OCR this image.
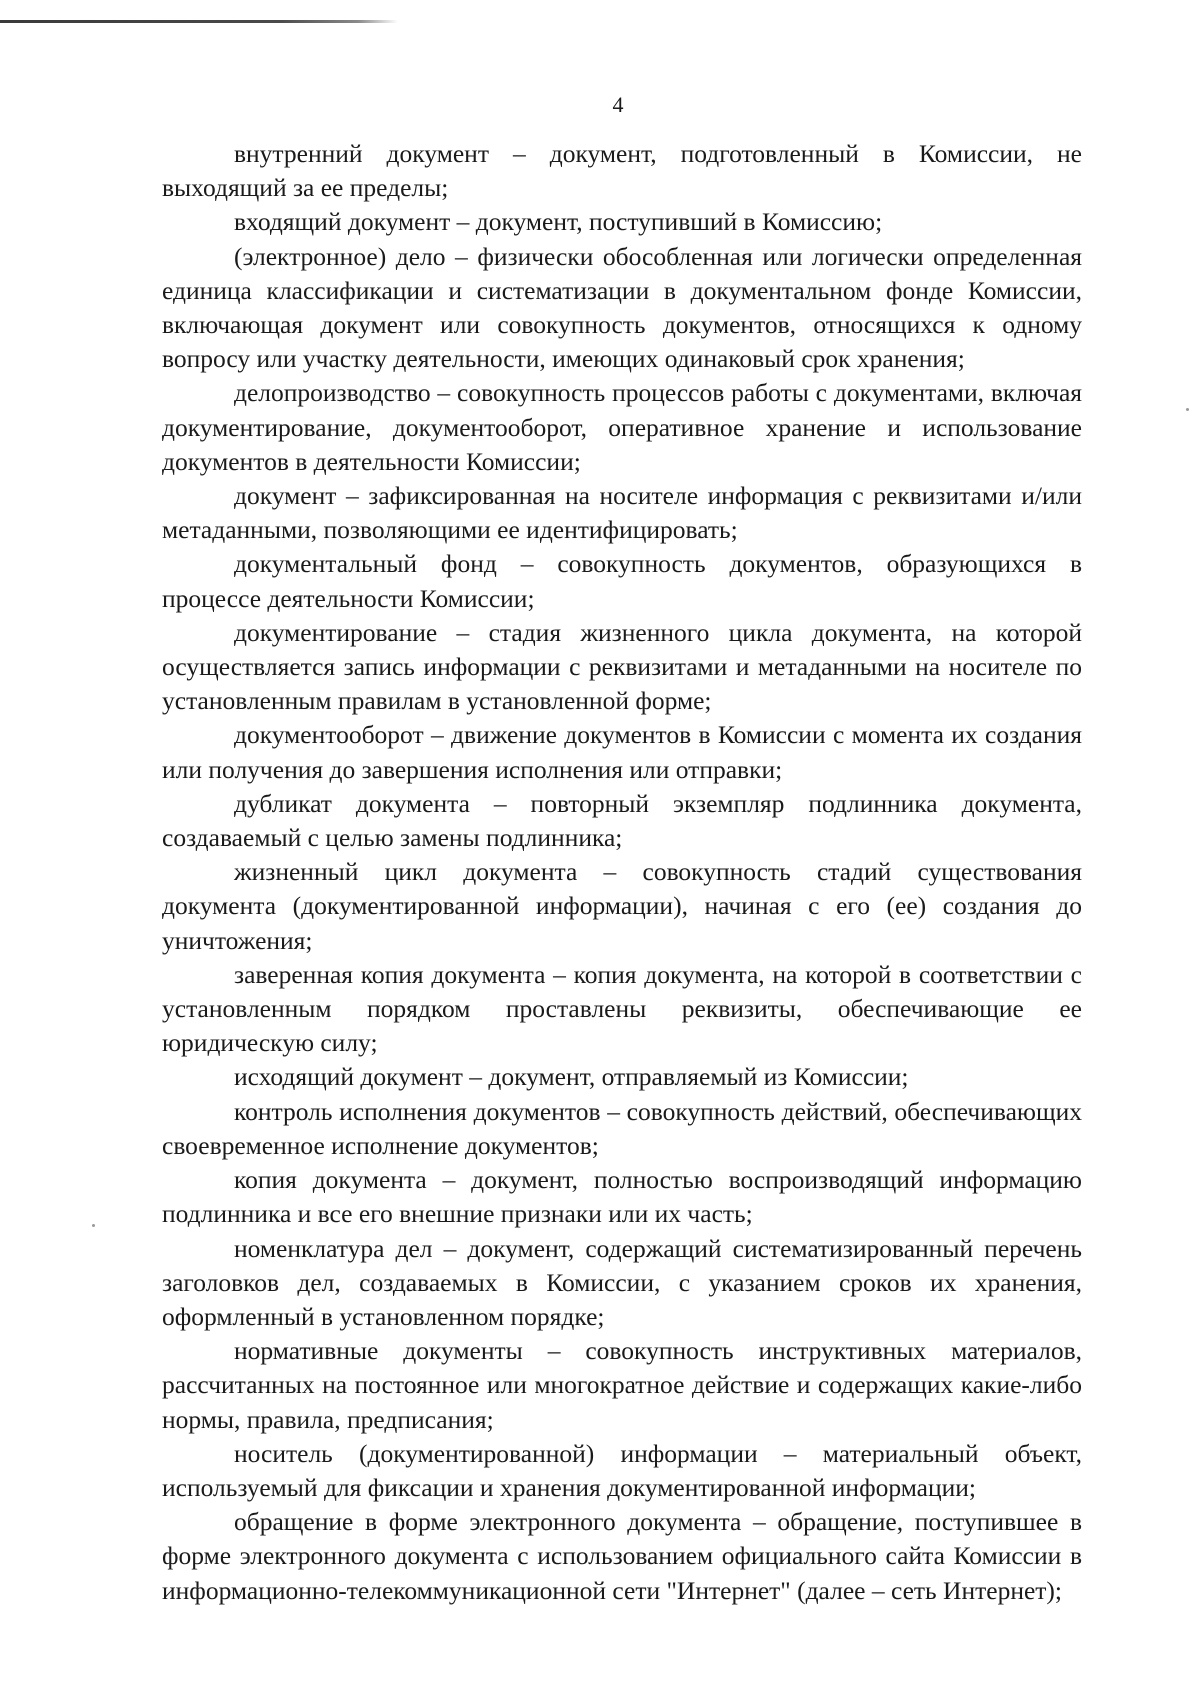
4

внутренний документ – документ, подготовленный в Комиссии, не выходящий за ее пределы;

входящий документ – документ, поступивший в Комиссию;

(электронное) дело – физически обособленная или логически определенная единица классификации и систематизации в документальном фонде Комиссии, включающая документ или совокупность документов, относящихся к одному вопросу или участку деятельности, имеющих одинаковый срок хранения;

делопроизводство – совокупность процессов работы с документами, включая документирование, документооборот, оперативное хранение и использование документов в деятельности Комиссии;

документ – зафиксированная на носителе информация с реквизитами и/или метаданными, позволяющими ее идентифицировать;

документальный фонд – совокупность документов, образующихся в процессе деятельности Комиссии;

документирование – стадия жизненного цикла документа, на которой осуществляется запись информации с реквизитами и метаданными на носителе по установленным правилам в установленной форме;

документооборот – движение документов в Комиссии с момента их создания или получения до завершения исполнения или отправки;

дубликат документа – повторный экземпляр подлинника документа, создаваемый с целью замены подлинника;

жизненный цикл документа – совокупность стадий существования документа (документированной информации), начиная с его (ее) создания до уничтожения;

заверенная копия документа – копия документа, на которой в соответствии с установленным порядком проставлены реквизиты, обеспечивающие ее юридическую силу;

исходящий документ – документ, отправляемый из Комиссии;

контроль исполнения документов – совокупность действий, обеспечивающих своевременное исполнение документов;

копия документа – документ, полностью воспроизводящий информацию подлинника и все его внешние признаки или их часть;

номенклатура дел – документ, содержащий систематизированный перечень заголовков дел, создаваемых в Комиссии, с указанием сроков их хранения, оформленный в установленном порядке;

нормативные документы – совокупность инструктивных материалов, рассчитанных на постоянное или многократное действие и содержащих какие-либо нормы, правила, предписания;

носитель (документированной) информации – материальный объект, используемый для фиксации и хранения документированной информации;

обращение в форме электронного документа – обращение, поступившее в форме электронного документа с использованием официального сайта Комиссии в информационно-телекоммуникационной сети "Интернет" (далее – сеть Интернет);
